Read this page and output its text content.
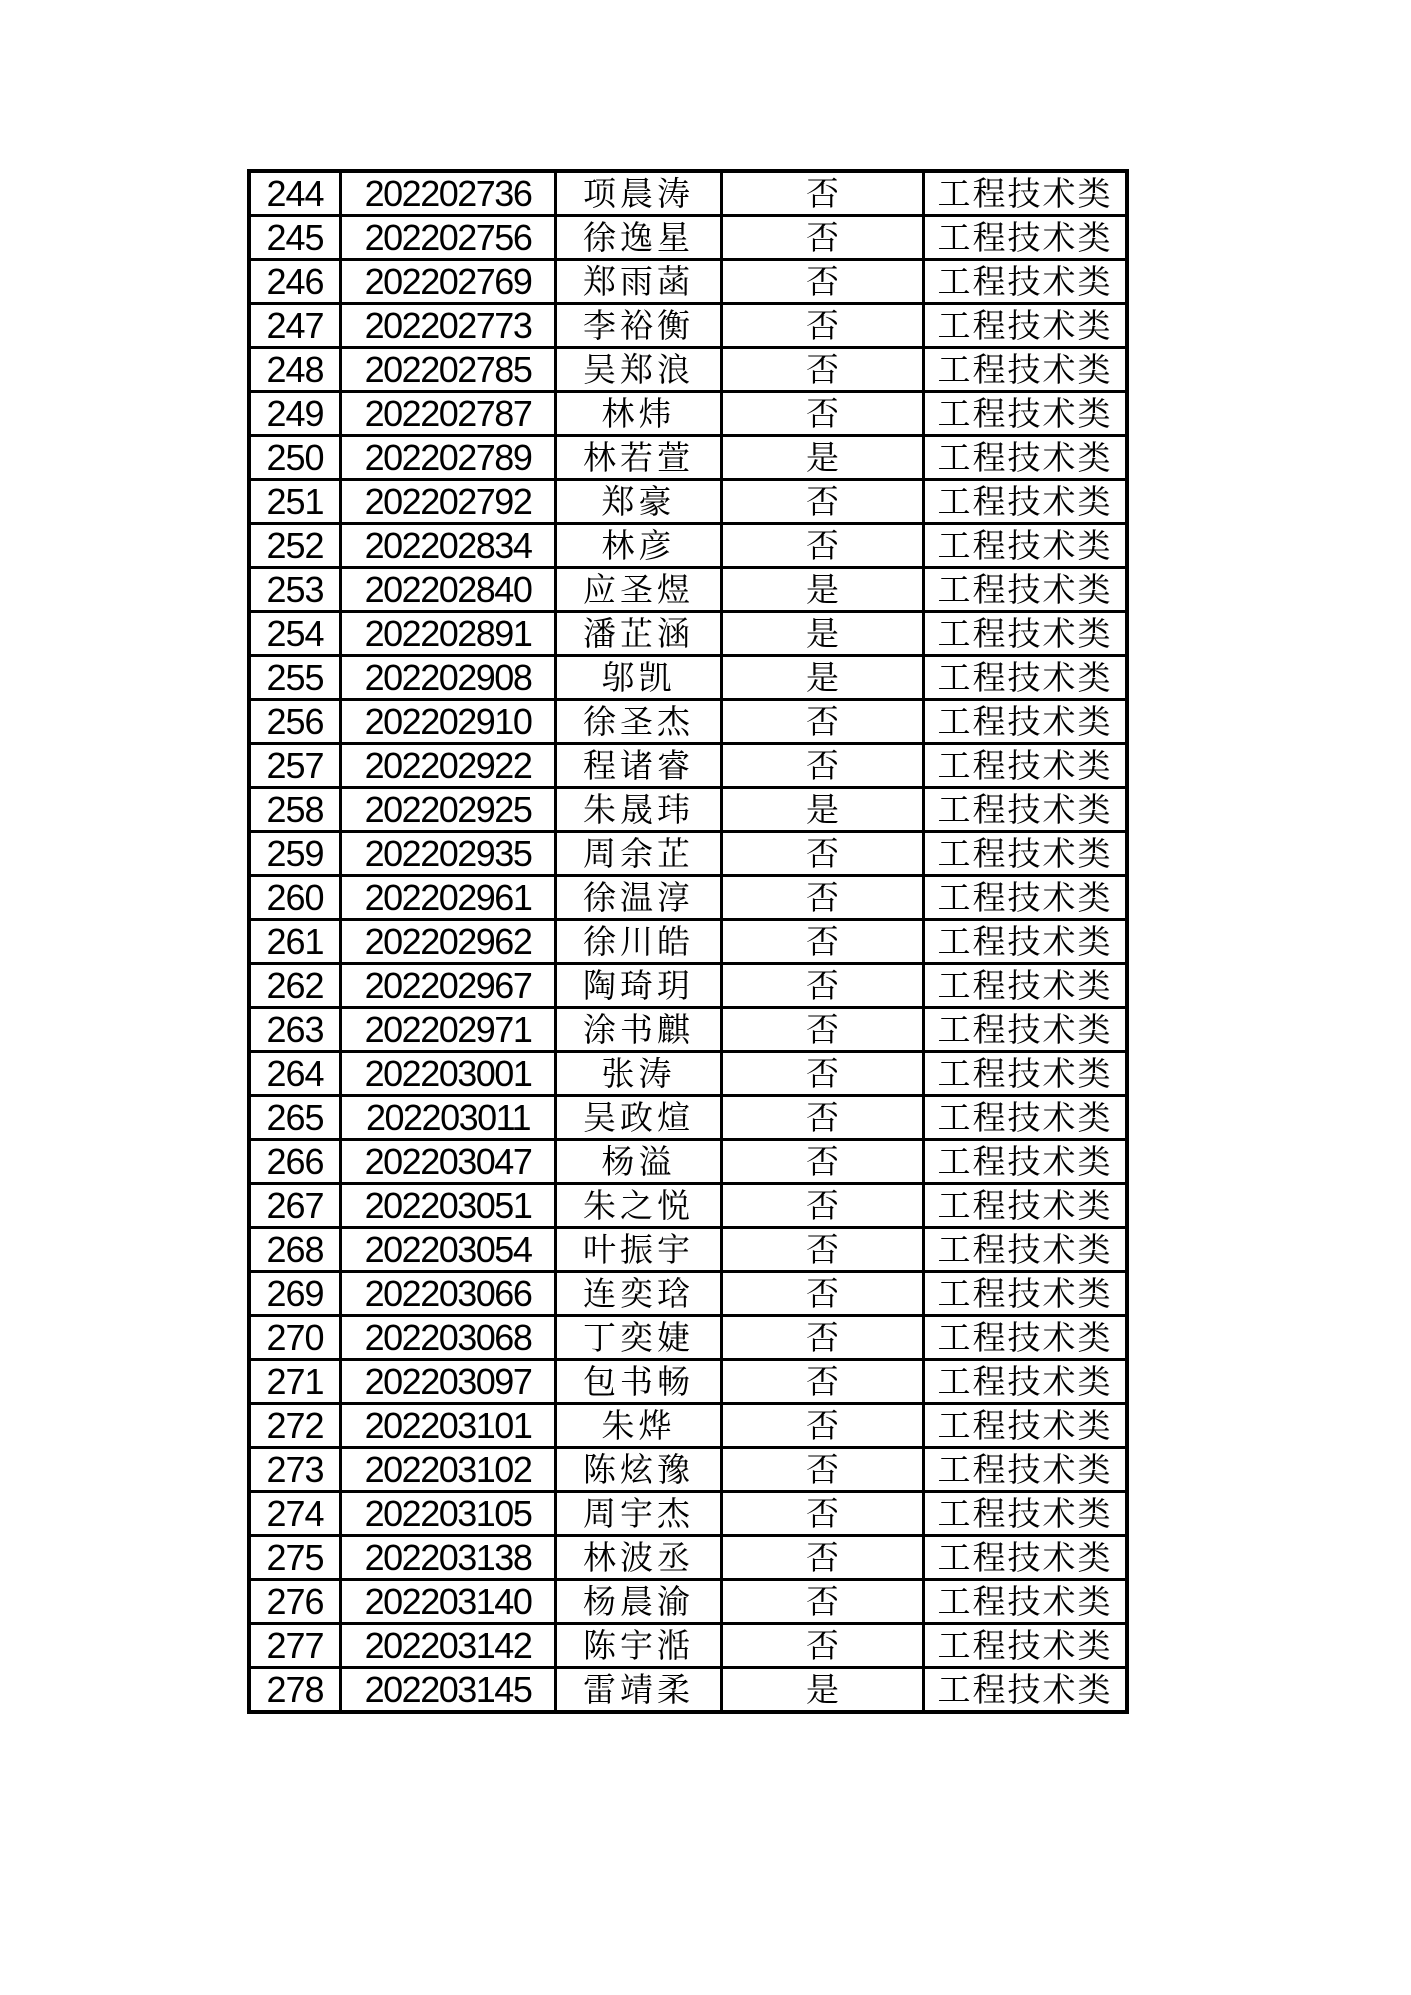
244	202202736	项晨涛	否	工程技术类
245	202202756	徐逸星	否	工程技术类
246	202202769	郑雨菡	否	工程技术类
247	202202773	李裕衡	否	工程技术类
248	202202785	吴郑浪	否	工程技术类
249	202202787	林炜	否	工程技术类
250	202202789	林若萱	是	工程技术类
251	202202792	郑豪	否	工程技术类
252	202202834	林彦	否	工程技术类
253	202202840	应圣煜	是	工程技术类
254	202202891	潘芷涵	是	工程技术类
255	202202908	邬凯	是	工程技术类
256	202202910	徐圣杰	否	工程技术类
257	202202922	程诸睿	否	工程技术类
258	202202925	朱晟玮	是	工程技术类
259	202202935	周余芷	否	工程技术类
260	202202961	徐温淳	否	工程技术类
261	202202962	徐川皓	否	工程技术类
262	202202967	陶琦玥	否	工程技术类
263	202202971	涂书麒	否	工程技术类
264	202203001	张涛	否	工程技术类
265	202203011	吴政煊	否	工程技术类
266	202203047	杨溢	否	工程技术类
267	202203051	朱之悦	否	工程技术类
268	202203054	叶振宇	否	工程技术类
269	202203066	连奕琀	否	工程技术类
270	202203068	丁奕婕	否	工程技术类
271	202203097	包书畅	否	工程技术类
272	202203101	朱烨	否	工程技术类
273	202203102	陈炫豫	否	工程技术类
274	202203105	周宇杰	否	工程技术类
275	202203138	林波丞	否	工程技术类
276	202203140	杨晨渝	否	工程技术类
277	202203142	陈宇湉	否	工程技术类
278	202203145	雷靖柔	是	工程技术类
